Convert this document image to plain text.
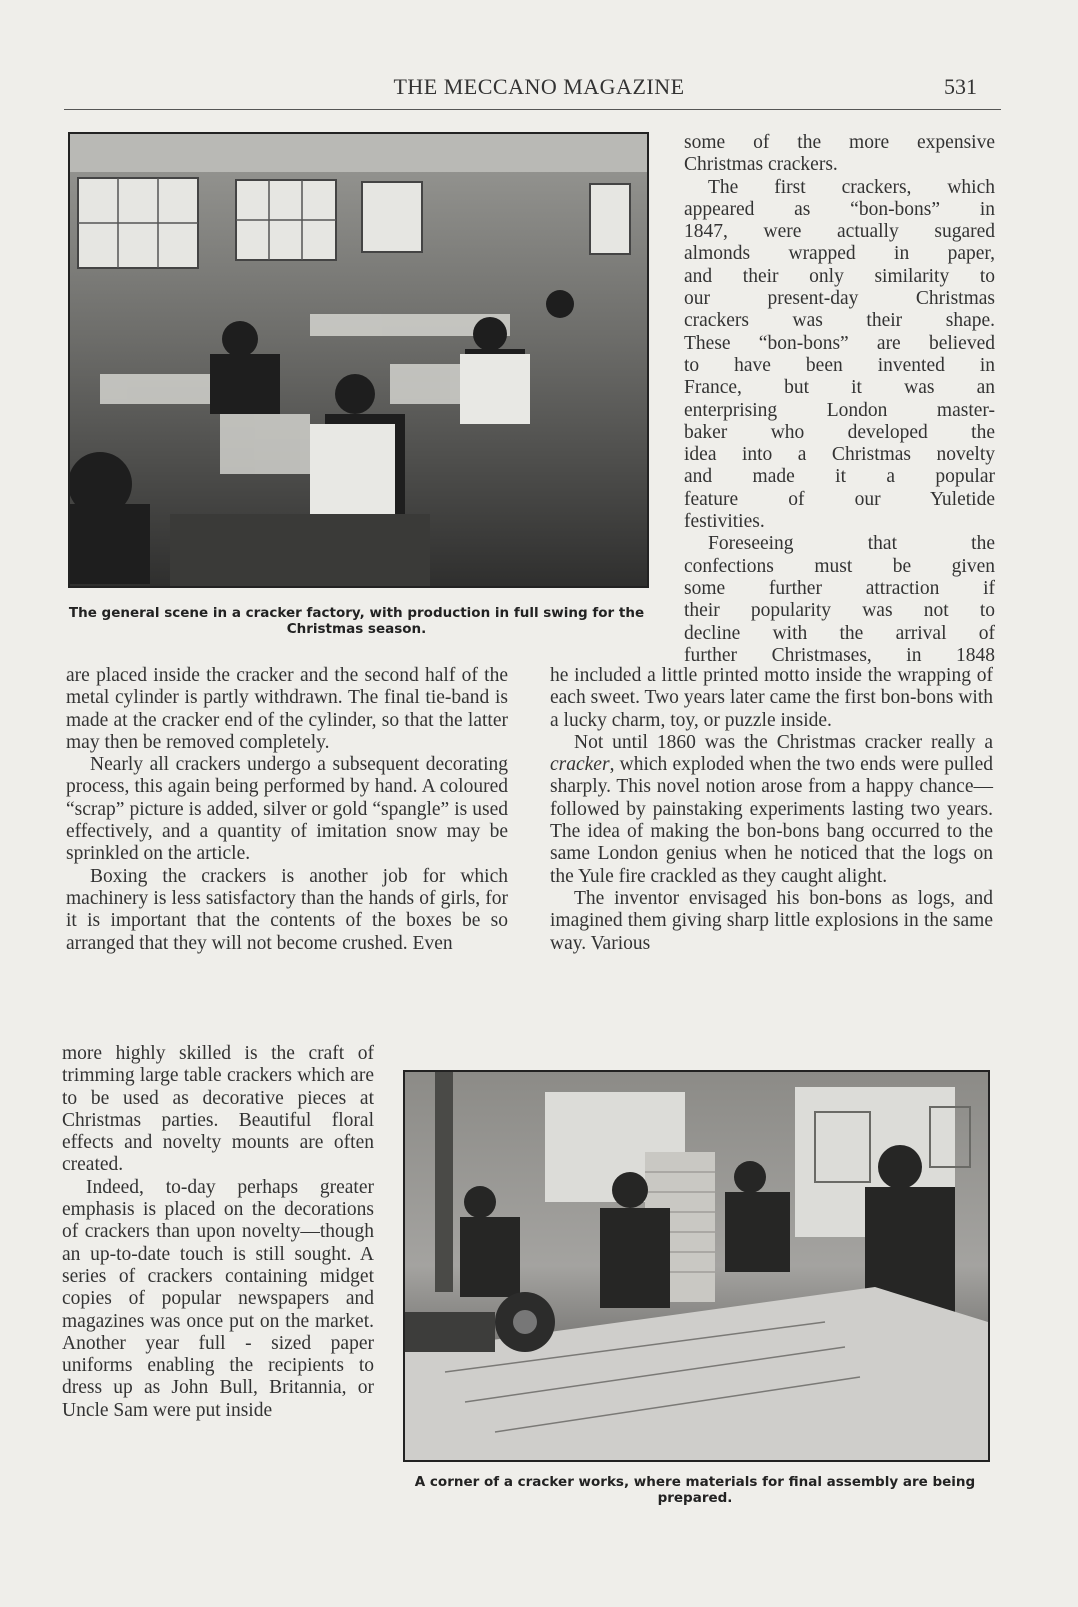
THE MECCANO MAGAZINE	531
The general scene in a cracker factory, with production in full swing for the Christmas season.
some of the more expensive
Christmas crackers.
The first crackers, which
appeared as “bon-bons” in
1847, were actually sugared
almonds wrapped in paper,
and their only similarity to
our present-day Christmas
crackers was their shape.
These “bon-bons” are believed
to have been invented in
France, but it was an
enterprising London master-
baker who developed the
idea into a Christmas novelty
and made it a popular
feature of our Yuletide
festivities.
Foreseeing that the
confections must be given
some further attraction if
their popularity was not to
decline with the arrival of
further Christmases, in 1848

he included a little printed motto inside the wrapping of each sweet. Two years later came the first bon-bons with a lucky charm, toy, or puzzle inside.

Not until 1860 was the Christmas cracker really a cracker, which exploded when the two ends were pulled sharply. This novel notion arose from a happy chance—followed by painstaking experiments lasting two years. The idea of making the bon-bons bang occurred to the same London genius when he noticed that the logs on the Yule fire crackled as they caught alight.

The inventor envisaged his bon-bons as logs, and imagined them giving sharp little explosions in the same way. Various

are placed inside the cracker and the second half of the metal cylinder is partly withdrawn. The final tie-band is made at the cracker end of the cylinder, so that the latter may then be removed completely.

Nearly all crackers undergo a subsequent decorating process, this again being performed by hand. A coloured “scrap” picture is added, silver or gold “spangle” is used effectively, and a quantity of imitation snow may be sprinkled on the article.

Boxing the crackers is another job for which machinery is less satisfactory than the hands of girls, for it is important that the contents of the boxes be so arranged that they will not become crushed. Even

more highly skilled is the craft of trimming large table crackers which are to be used as decorative pieces at Christmas parties. Beautiful floral effects and novelty mounts are often created.

Indeed, to-day perhaps greater emphasis is placed on the decorations of crackers than upon novelty—though an up-to-date touch is still sought. A series of crackers containing midget copies of popular newspapers and magazines was once put on the market. Another year full - sized paper uniforms enabling the recipients to dress up as John Bull, Britannia, or Uncle Sam were put inside

A corner of a cracker works, where materials for final assembly are being prepared.
